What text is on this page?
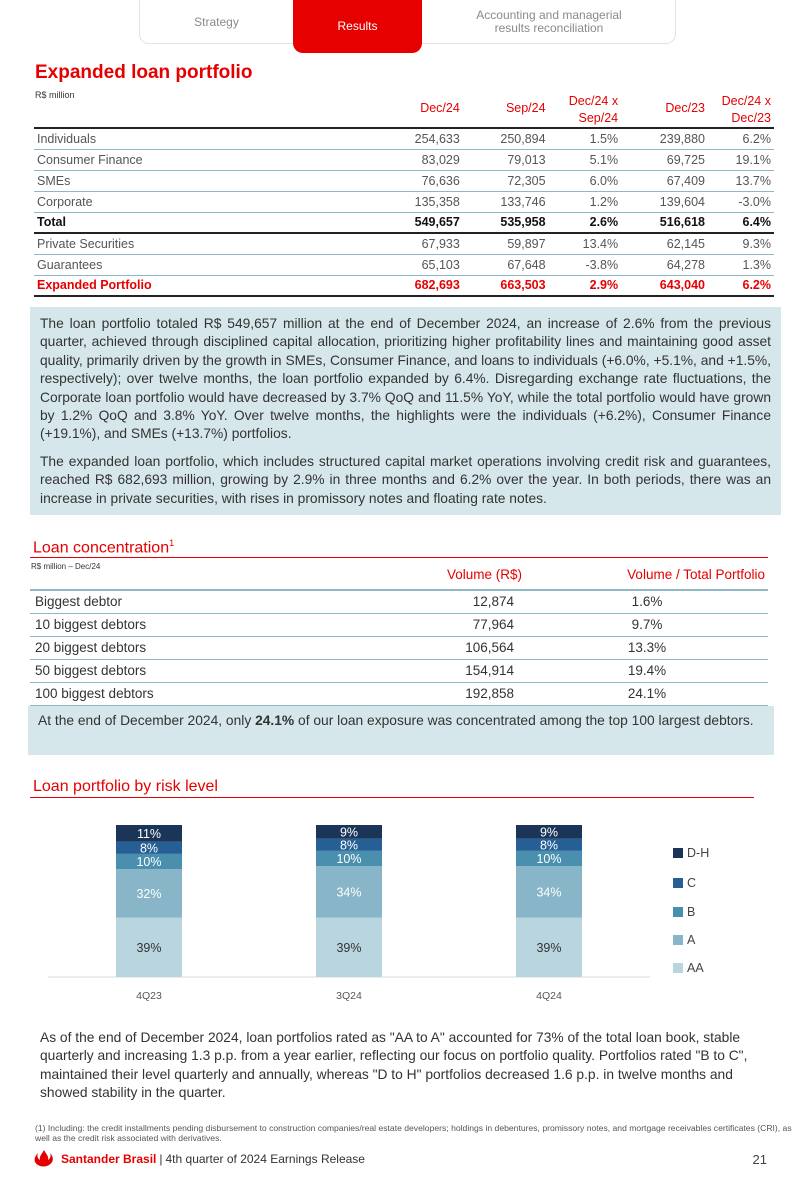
Strategy	Results
Accounting and managerial results reconciliation
Expanded loan portfolio
R$ million
				Dec/24 x		Dec/24 x
	Dec/24	Sep/24	Sep/24	Dec/23	Dec/23
Individuals	254,633	250,894	1.5%	239,880	6.2%
Consumer Finance	83,029	79,013	5.1%	69,725	19.1%
SMEs	76,636	72,305	6.0%	67,409	13.7%
Corporate	135,358	133,746	1.2%	139,604	-3.0%
Total	549,657	535,958	2.6%	516,618	6.4%
Private Securities	67,933	59,897	13.4%	62,145	9.3%
Guarantees	65,103	67,648	-3.8%	64,278	1.3%
Expanded Portfolio	682,693	663,503	2.9%	643,040	6.2%

The loan portfolio totaled R$ 549,657 million at the end of December 2024, an increase of 2.6% from the previous quarter, achieved through disciplined capital allocation, prioritizing higher profitability lines and maintaining good asset quality, primarily driven by the growth in SMEs, Consumer Finance, and loans to individuals (+6.0%, +5.1%, and +1.5%, respectively); over twelve months, the loan portfolio expanded by 6.4%. Disregarding exchange rate fluctuations, the Corporate loan portfolio would have decreased by 3.7% QoQ and 11.5% YoY, while the total portfolio would have grown by 1.2% QoQ and 3.8% YoY. Over twelve months, the highlights were the individuals (+6.2%), Consumer Finance (+19.1%), and SMEs (+13.7%) portfolios.

The expanded loan portfolio, which includes structured capital market operations involving credit risk and guarantees, reached R$ 682,693 million, growing by 2.9% in three months and 6.2% over the year. In both periods, there was an increase in private securities, with rises in promissory notes and floating rate notes.

Loan concentration$^1$
R$ million – Dec/24
	Volume (R$)	Volume / Total Portfolio
Biggest debtor	12,874	1.6%
10 biggest debtors	77,964	9.7%
20 biggest debtors	106,564	13.3%
50 biggest debtors	154,914	19.4%
100 biggest debtors	192,858	24.1%
At the end of December 2024, only 24.1% of our loan exposure was concentrated among the top 100 largest debtors.
Loan portfolio by risk level
39%
32%
10%
8%
11%
4Q23
39%
34%
10%
8%
9%
3Q24
39%
34%
10%
8%
9%
4Q24
D-H
C
B
A
AA
As of the end of December 2024, loan portfolios rated as "AA to A" accounted for 73% of the total loan book, stable quarterly and increasing 1.3 p.p. from a year earlier, reflecting our focus on portfolio quality. Portfolios rated "B to C", maintained their level quarterly and annually, whereas "D to H" portfolios decreased 1.6 p.p. in twelve months and showed stability in the quarter.
(1) Including: the credit installments pending disbursement to construction companies/real estate developers; holdings in debentures, promissory notes, and mortgage receivables certificates (CRI), as well as the credit risk associated with derivatives.
Santander Brasil | 4th quarter of 2024 Earnings Release	21
